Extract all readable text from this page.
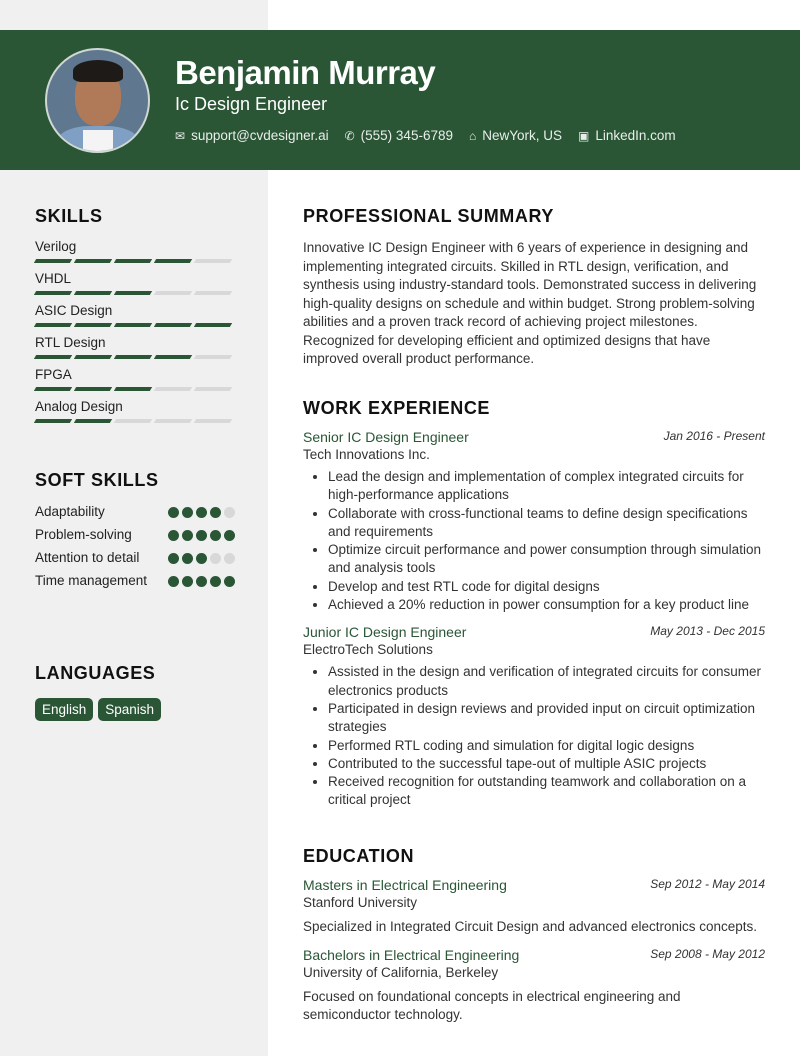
Benjamin Murray
Ic Design Engineer
✉ support@cvdesigner.ai ✆ (555) 345-6789 ⌂ NewYork, US ▣ LinkedIn.com
SKILLS
Verilog
VHDL
ASIC Design
RTL Design
FPGA
Analog Design
SOFT SKILLS
Adaptability
Problem-solving
Attention to detail
Time management
LANGUAGES
English	Spanish
PROFESSIONAL SUMMARY

Innovative IC Design Engineer with 6 years of experience in designing and implementing integrated circuits. Skilled in RTL design, verification, and synthesis using industry-standard tools. Demonstrated success in delivering high-quality designs on schedule and within budget. Strong problem-solving abilities and a proven track record of achieving project milestones. Recognized for developing efficient and optimized designs that have improved overall product performance.

WORK EXPERIENCE
Senior IC Design Engineer	Jan 2016 - Present
Tech Innovations Inc.
• Lead the design and implementation of complex integrated circuits for high-performance applications
• Collaborate with cross-functional teams to define design specifications and requirements
• Optimize circuit performance and power consumption through simulation and analysis tools
• Develop and test RTL code for digital designs
• Achieved a 20% reduction in power consumption for a key product line
Junior IC Design Engineer	May 2013 - Dec 2015
ElectroTech Solutions
• Assisted in the design and verification of integrated circuits for consumer electronics products
• Participated in design reviews and provided input on circuit optimization strategies
• Performed RTL coding and simulation for digital logic designs
• Contributed to the successful tape-out of multiple ASIC projects
• Received recognition for outstanding teamwork and collaboration on a critical project
EDUCATION
Masters in Electrical Engineering	Sep 2012 - May 2014
Stanford University

Specialized in Integrated Circuit Design and advanced electronics concepts.

Bachelors in Electrical Engineering	Sep 2008 - May 2012
University of California, Berkeley

Focused on foundational concepts in electrical engineering and semiconductor technology.
